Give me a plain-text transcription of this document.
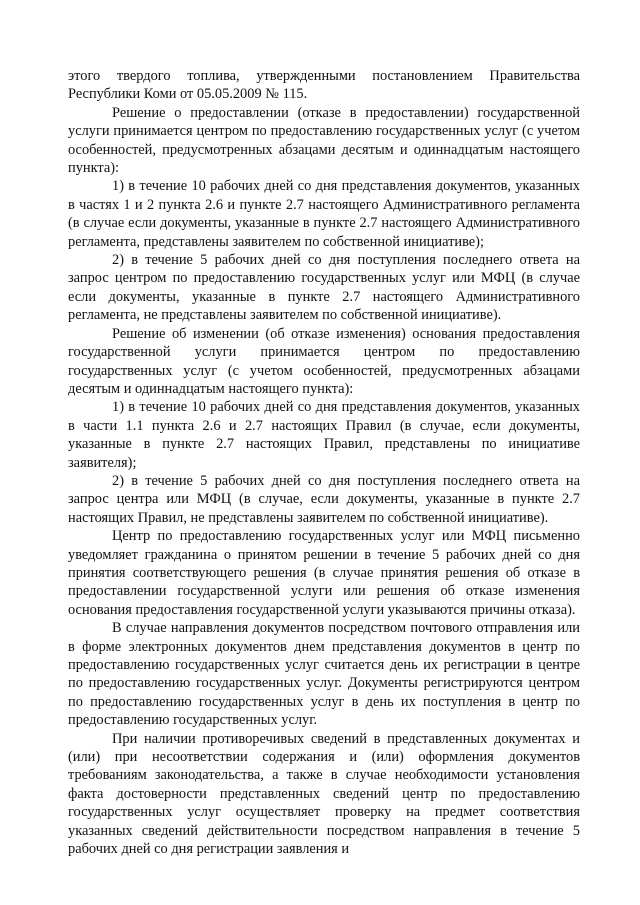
этого твердого топлива, утвержденными постановлением Правительства Республики Коми от 05.05.2009 № 115.

Решение о предоставлении (отказе в предоставлении) государственной услуги принимается центром по предоставлению государственных услуг (с учетом особенностей, предусмотренных абзацами десятым и одиннадцатым настоящего пункта):

1) в течение 10 рабочих дней со дня представления документов, указанных в частях 1 и 2 пункта 2.6 и пункте 2.7 настоящего Административного регламента (в случае если документы, указанные в пункте 2.7 настоящего Административного регламента, представлены заявителем по собственной инициативе);

2) в течение 5 рабочих дней со дня поступления последнего ответа на запрос центром по предоставлению государственных услуг или МФЦ (в случае если документы, указанные в пункте 2.7 настоящего Административного регламента, не представлены заявителем по собственной инициативе).

Решение об изменении (об отказе изменения) основания предоставления государственной услуги принимается центром по предоставлению государственных услуг (с учетом особенностей, предусмотренных абзацами десятым и одиннадцатым настоящего пункта):

1) в течение 10 рабочих дней со дня представления документов, указанных в части 1.1 пункта 2.6 и 2.7 настоящих Правил (в случае, если документы, указанные в пункте 2.7 настоящих Правил, представлены по инициативе заявителя);

2) в течение 5 рабочих дней со дня поступления последнего ответа на запрос центра или МФЦ (в случае, если документы, указанные в пункте 2.7 настоящих Правил, не представлены заявителем по собственной инициативе).

Центр по предоставлению государственных услуг или МФЦ письменно уведомляет гражданина о принятом решении в течение 5 рабочих дней со дня принятия соответствующего решения (в случае принятия решения об отказе в предоставлении государственной услуги или решения об отказе изменения основания предоставления государственной услуги указываются причины отказа).

В случае направления документов посредством почтового отправления или в форме электронных документов днем представления документов в центр по предоставлению государственных услуг считается день их регистрации в центре по предоставлению государственных услуг. Документы регистрируются центром по предоставлению государственных услуг в день их поступления в центр по предоставлению государственных услуг.

При наличии противоречивых сведений в представленных документах и (или) при несоответствии содержания и (или) оформления документов требованиям законодательства, а также в случае необходимости установления факта достоверности представленных сведений центр по предоставлению государственных услуг осуществляет проверку на предмет соответствия указанных сведений действительности посредством направления в течение 5 рабочих дней со дня регистрации заявления и
